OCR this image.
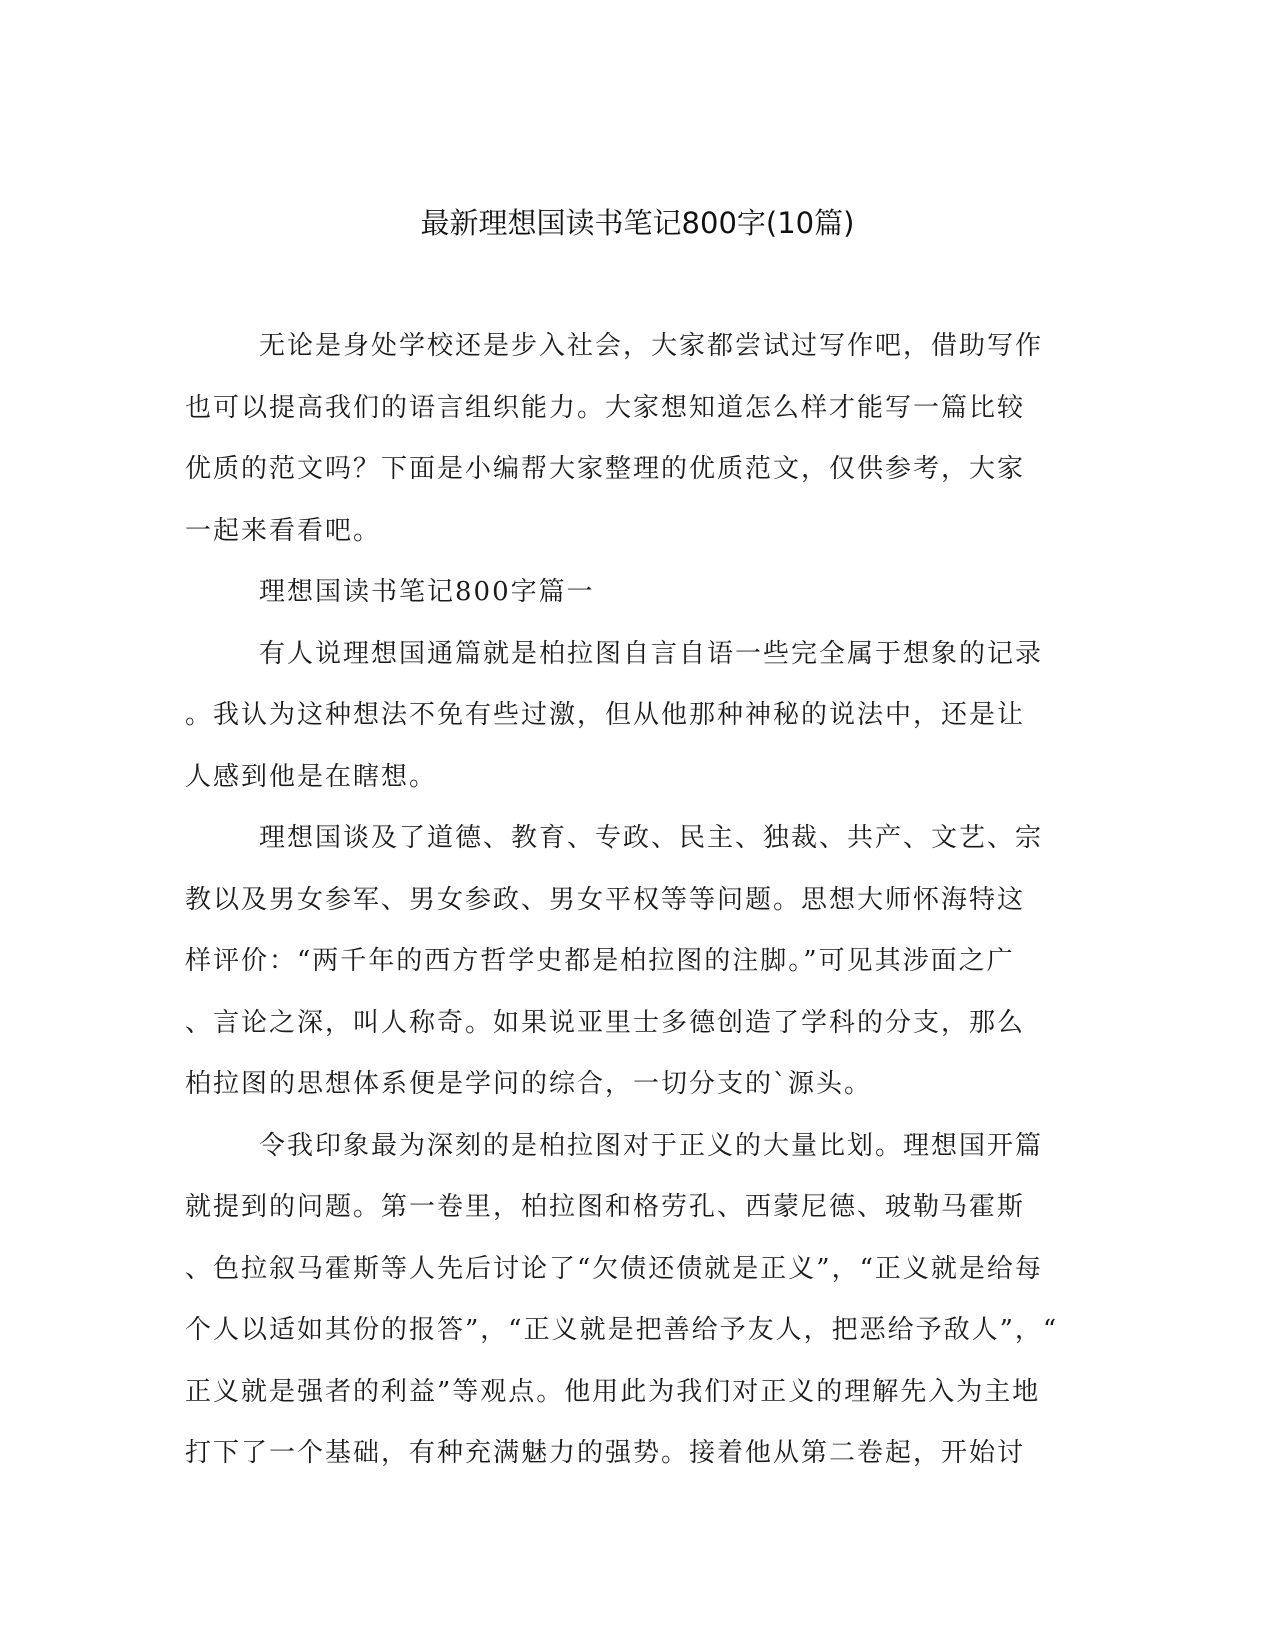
最新理想国读书笔记800字(10篇)
无论是身处学校还是步入社会，大家都尝试过写作吧，借助写作
也可以提高我们的语言组织能力。大家想知道怎么样才能写一篇比较
优质的范文吗？下面是小编帮大家整理的优质范文，仅供参考，大家
一起来看看吧。
理想国读书笔记800字篇一
有人说理想国通篇就是柏拉图自言自语一些完全属于想象的记录
。我认为这种想法不免有些过激，但从他那种神秘的说法中，还是让
人感到他是在瞎想。
理想国谈及了道德、教育、专政、民主、独裁、共产、文艺、宗
教以及男女参军、男女参政、男女平权等等问题。思想大师怀海特这
样评价：“两千年的西方哲学史都是柏拉图的注脚。”可见其涉面之广
、言论之深，叫人称奇。如果说亚里士多德创造了学科的分支，那么
柏拉图的思想体系便是学问的综合，一切分支的`源头。
令我印象最为深刻的是柏拉图对于正义的大量比划。理想国开篇
就提到的问题。第一卷里，柏拉图和格劳孔、西蒙尼德、玻勒马霍斯
、色拉叙马霍斯等人先后讨论了“欠债还债就是正义”，“正义就是给每
个人以适如其份的报答”，“正义就是把善给予友人，把恶给予敌人”，“
正义就是强者的利益”等观点。他用此为我们对正义的理解先入为主地
打下了一个基础，有种充满魅力的强势。接着他从第二卷起，开始讨
